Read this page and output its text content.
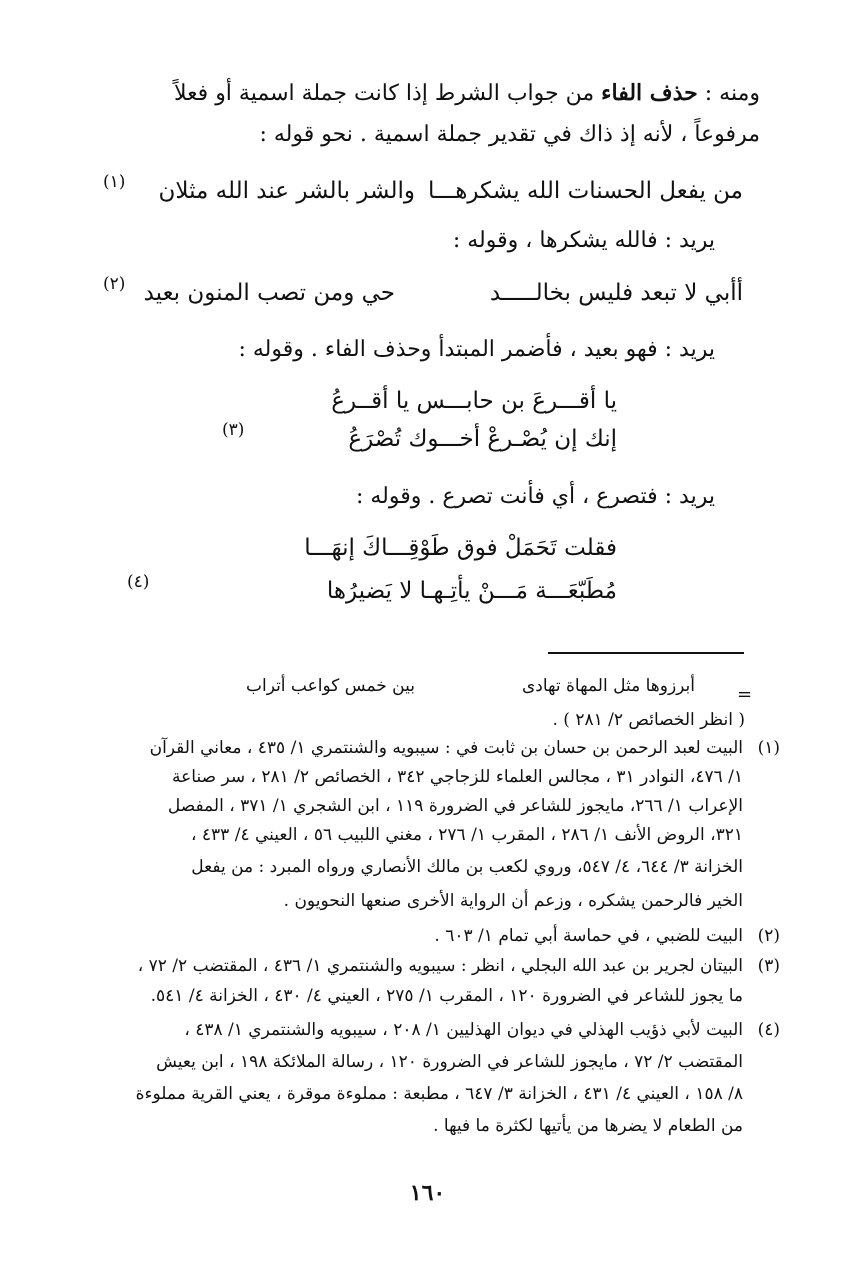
ومنه : حذف الفاء من جواب الشرط إذا كانت جملة اسمية أو فعلاً
مرفوعاً ، لأنه إذ ذاك في تقدير جملة اسمية . نحو قوله :
من يفعل الحسنات الله يشكرهـــا
والشر بالشر عند الله مثلان
(١)
يريد : فالله يشكرها ، وقوله :
أأبي لا تبعد فليس بخالـــــد
حي ومن تصب المنون بعيد
(٢)
يريد : فهو بعيد ، فأضمر المبتدأ وحذف الفاء . وقوله :
يا أقـــرعَ بن حابـــس يا أقــرعُ
إنك إن يُصْـرعْ أخـــوك تُصْرَعُ
(٣)
يريد : فتصرع ، أي فأنت تصرع . وقوله :
فقلت تَحَمَلْ فوق طَوْقِـــاكَ إنهَـــا
مُطَبّعَـــة مَـــنْ يأتِـهـا لا يَضيرُها
(٤)
=
أبرزوها مثل المهاة تهادى
بين خمس كواعب أتراب
( انظر الخصائص ٢/ ٢٨١ ) .
(١)
البيت لعبد الرحمن بن حسان بن ثابت في : سيبويه والشنتمري ١/ ٤٣٥ ، معاني القرآن
١/ ٤٧٦، النوادر ٣١ ، مجالس العلماء للزجاجي ٣٤٢ ، الخصائص ٢/ ٢٨١ ، سر صناعة
الإعراب ١/ ٢٦٦، مايجوز للشاعر في الضرورة ١١٩ ، ابن الشجري ١/ ٣٧١ ، المفصل
٣٢١، الروض الأنف ١/ ٢٨٦ ، المقرب ١/ ٢٧٦ ، مغني اللبيب ٥٦ ، العيني ٤/ ٤٣٣ ،
الخزانة ٣/ ٦٤٤، ٤/ ٥٤٧، وروي لكعب بن مالك الأنصاري ورواه المبرد : من يفعل
الخير فالرحمن يشكره ، وزعم أن الرواية الأخرى صنعها النحويون .
(٢)
البيت للضبي ، في حماسة أبي تمام ١/ ٦٠٣ .
(٣)
البيتان لجرير بن عبد الله البجلي ، انظر : سيبويه والشنتمري ١/ ٤٣٦ ، المقتضب ٢/ ٧٢ ،
ما يجوز للشاعر في الضرورة ١٢٠ ، المقرب ١/ ٢٧٥ ، العيني ٤/ ٤٣٠ ، الخزانة ٤/ ٥٤١.
(٤)
البيت لأبي ذؤيب الهذلي في ديوان الهذليين ١/ ٢٠٨ ، سيبويه والشنتمري ١/ ٤٣٨ ،
المقتضب ٢/ ٧٢ ، مايجوز للشاعر في الضرورة ١٢٠ ، رسالة الملائكة ١٩٨ ، ابن يعيش
٨/ ١٥٨ ، العيني ٤/ ٤٣١ ، الخزانة ٣/ ٦٤٧ ، مطبعة : مملوءة موقرة ، يعني القرية مملوءة
من الطعام لا يضرها من يأتيها لكثرة ما فيها .
١٦٠
